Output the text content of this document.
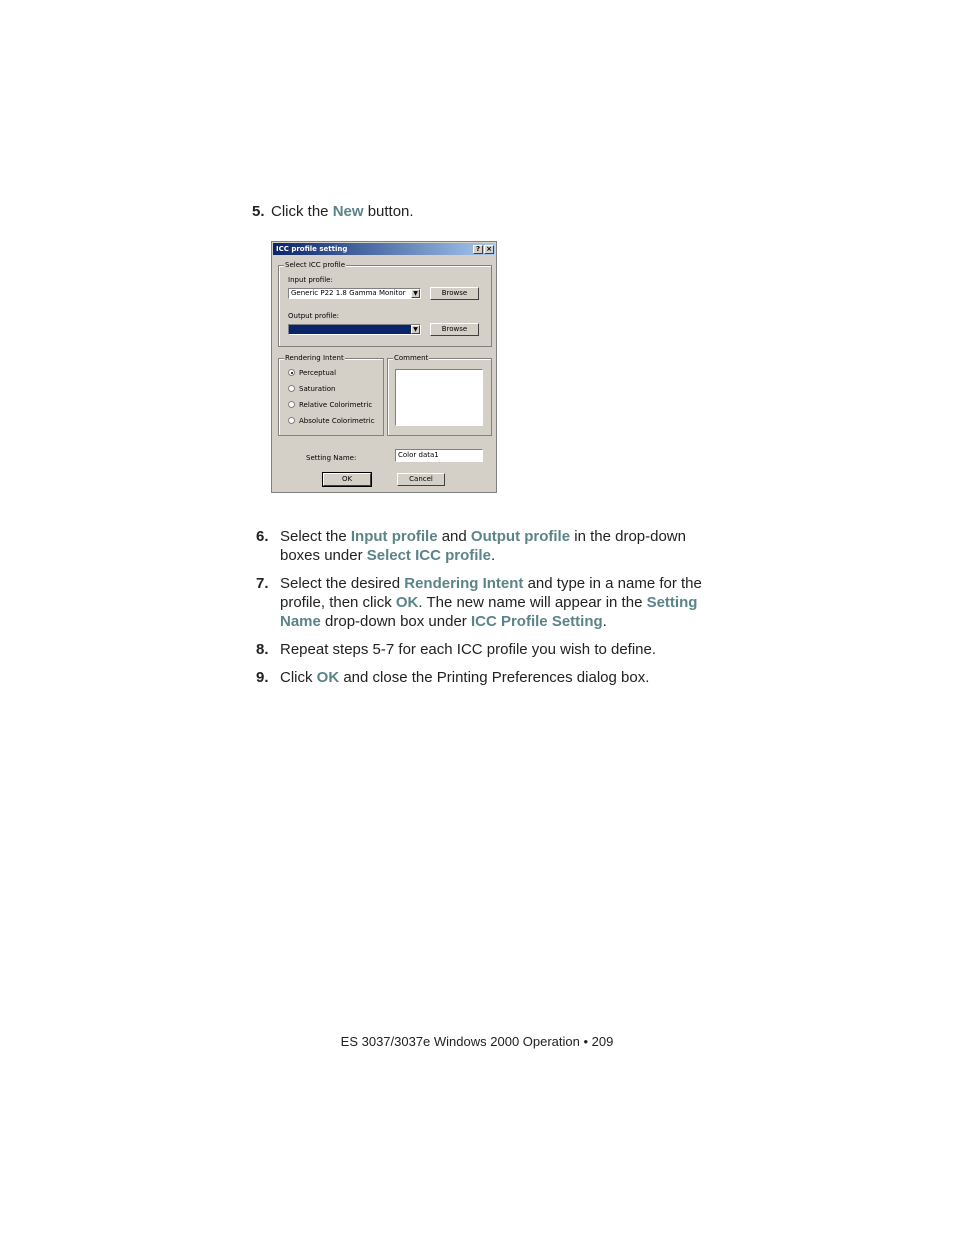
5. Click the New button.
ICC profile setting	? ×
Select ICC profile
Input profile:
Generic P22 1.8 Gamma Monitor	▼	Browse
Output profile:
▼	Browse
Rendering Intent
Perceptual
Saturation
Relative Colorimetric
Absolute Colorimetric
Comment
Setting Name:	Color data1
OK	Cancel
6. Select the Input profile and Output profile in the drop-down boxes under Select ICC profile.
7. Select the desired Rendering Intent and type in a name for the profile, then click OK. The new name will appear in the Setting Name drop-down box under ICC Profile Setting.
8. Repeat steps 5-7 for each ICC profile you wish to define.
9. Click OK and close the Printing Preferences dialog box.
ES 3037/3037e Windows 2000 Operation • 209
